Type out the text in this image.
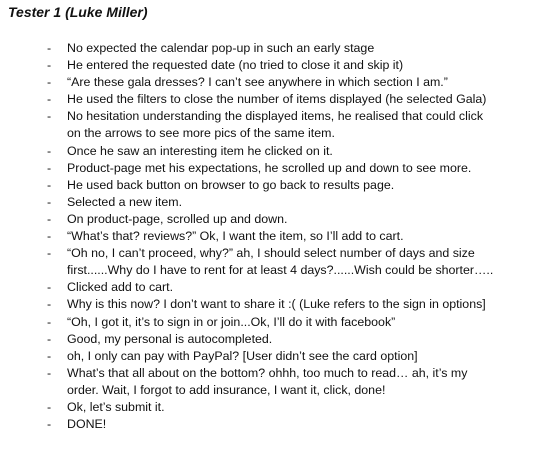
Tester 1 (Luke Miller)
- No expected the calendar pop-up in such an early stage
- He entered the requested date (no tried to close it and skip it)
- “Are these gala dresses? I can’t see anywhere in which section I am.”
- He used the filters to close the number of items displayed (he selected Gala)
- No hesitation understanding the displayed items, he realised that could click
on the arrows to see more pics of the same item.
- Once he saw an interesting item he clicked on it.
- Product-page met his expectations, he scrolled up and down to see more.
- He used back button on browser to go back to results page.
- Selected a new item.
- On product-page, scrolled up and down.
- “What’s that? reviews?” Ok, I want the item, so I’ll add to cart.
- “Oh no, I can’t proceed, why?” ah, I should select number of days and size
first......Why do I have to rent for at least 4 days?......Wish could be shorter…..
- Clicked add to cart.
- Why is this now? I don’t want to share it :( (Luke refers to the sign in options]
- “Oh, I got it, it’s to sign in or join...Ok, I’ll do it with facebook”
- Good, my personal is autocompleted.
- oh, I only can pay with PayPal? [User didn’t see the card option]
- What’s that all about on the bottom? ohhh, too much to read… ah, it’s my
order. Wait, I forgot to add insurance, I want it, click, done!
- Ok, let’s submit it.
- DONE!
